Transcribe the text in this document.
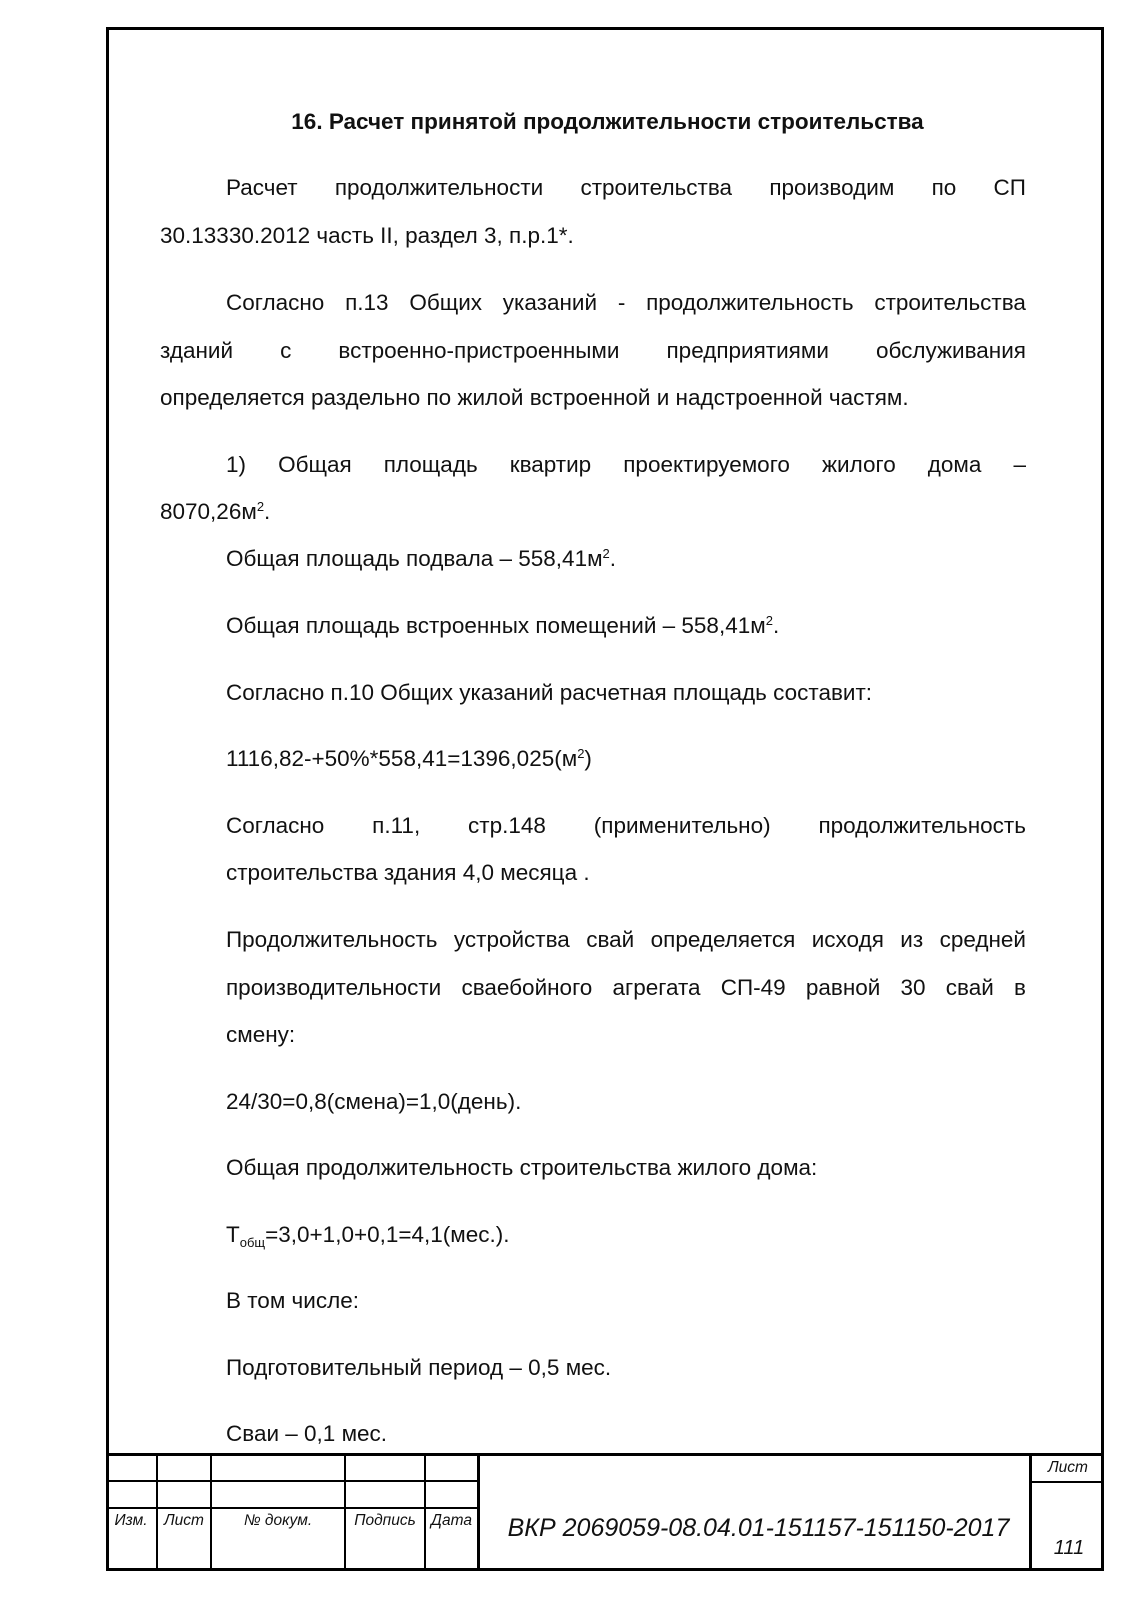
16. Расчет принятой продолжительности строительства
Расчет продолжительности строительства производим по СП

30.13330.2012 часть II, раздел 3, п.р.1*.

Согласно п.13 Общих указаний - продолжительность строительства
зданий с встроенно-пристроенными предприятиями обслуживания

определяется раздельно по жилой встроенной и надстроенной частям.

1) Общая площадь квартир проектируемого жилого дома –

$8070,26м^2$.

Общая площадь подвала – $558,41м^2$.

Общая площадь встроенных помещений – $558,41м^2$.

Согласно п.10 Общих указаний расчетная площадь составит:

$1116,82-+50\%*558,41=1396,025(м^2)$

Согласно п.11, стр.148 (применительно) продолжительность

строительства здания 4,0 месяца .

Продолжительность устройства свай определяется исходя из средней
производительности сваебойного агрегата СП-49 равной 30 свай в

смену:

24/30=0,8(смена)=1,0(день).

Общая продолжительность строительства жилого дома:

$Т_{общ}=3,0+1,0+0,1=4,1(мес.)$.

В том числе:

Подготовительный период – 0,5 мес.

Сваи – 0,1 мес.

Изм.	Лист	№ докум.	Подпись Дата	ВКР 2069059-08.04.01-151157-151150-2017
Лист
111
